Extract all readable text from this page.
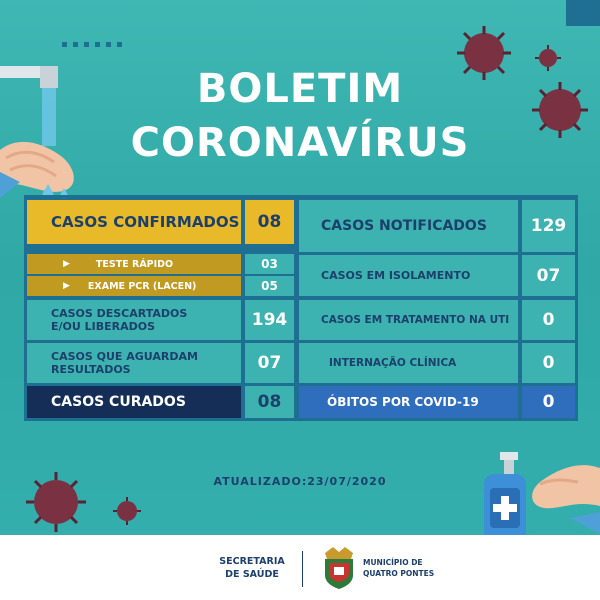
BOLETIM
CORONAVÍRUS
CASOS CONFIRMADOS	08
▶	TESTE RÁPIDO	03
▶ EXAME PCR (LACEN)	05
CASOS DESCARTADOS
E/OU LIBERADOS	194
CASOS QUE AGUARDAM
RESULTADOS	07
CASOS CURADOS	08
CASOS NOTIFICADOS	129
CASOS EM ISOLAMENTO	07
CASOS EM TRATAMENTO NA UTI	0
INTERNAÇÃO CLÍNICA	0
ÓBITOS POR COVID-19	0
ATUALIZADO:23/07/2020
SECRETARIA
DE SAÚDE
MUNICÍPIO DE
QUATRO PONTES
